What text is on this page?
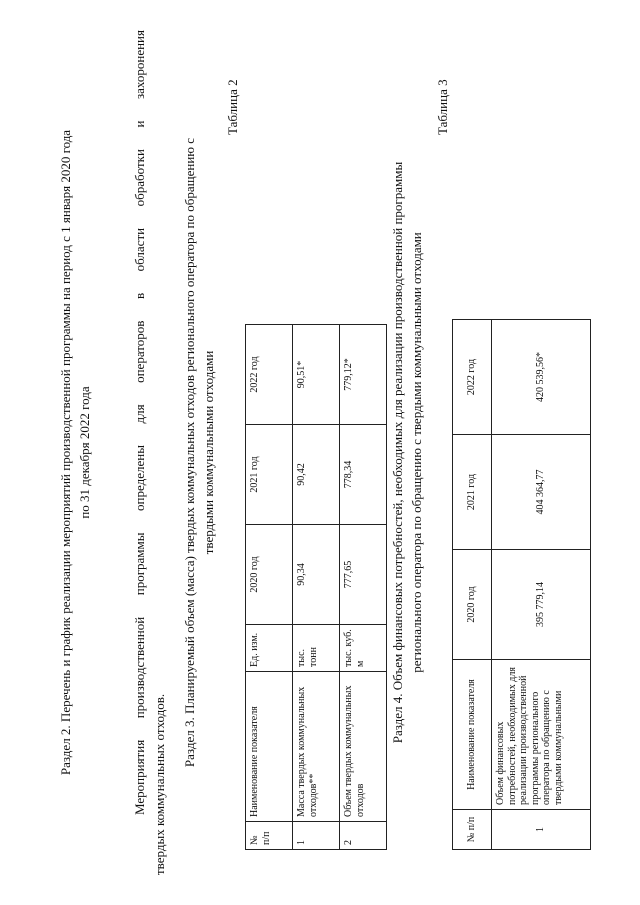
Раздел 2. Перечень и график реализации мероприятий производственной программы на период с 1 января 2020 года по 31 декабря 2022 года	Мероприятия производственной программы определены для операторов в области обработки и захоронения твердых коммунальных отходов.
Раздел 3. Планируемый объем (масса) твердых коммунальных отходов регионального оператора по обращению с твердыми коммунальными отходами
Таблица 2
№ п/п	Наименование показателя	Ед. изм.	2020 год	2021 год	2022 год
1	Масса твердых коммунальных отходов**	тыс. тонн	90,34	90,42	90,51*
2	Объем твердых коммунальных отходов	тыс. куб. м	777,65	778,34	779,12*	Раздел 4. Объем финансовых потребностей, необходимых для реализации производственной программы регионального оператора по обращению с твердыми коммунальными отходами
Таблица 3
№ п/п	Наименование показателя	2020 год	2021 год	2022 год
1	Объем финансовых потребностей, необходимых для реализации производственной программы регионального оператора по обращению с твердыми коммунальными	395 779,14	404 364,77	420 539,56*
